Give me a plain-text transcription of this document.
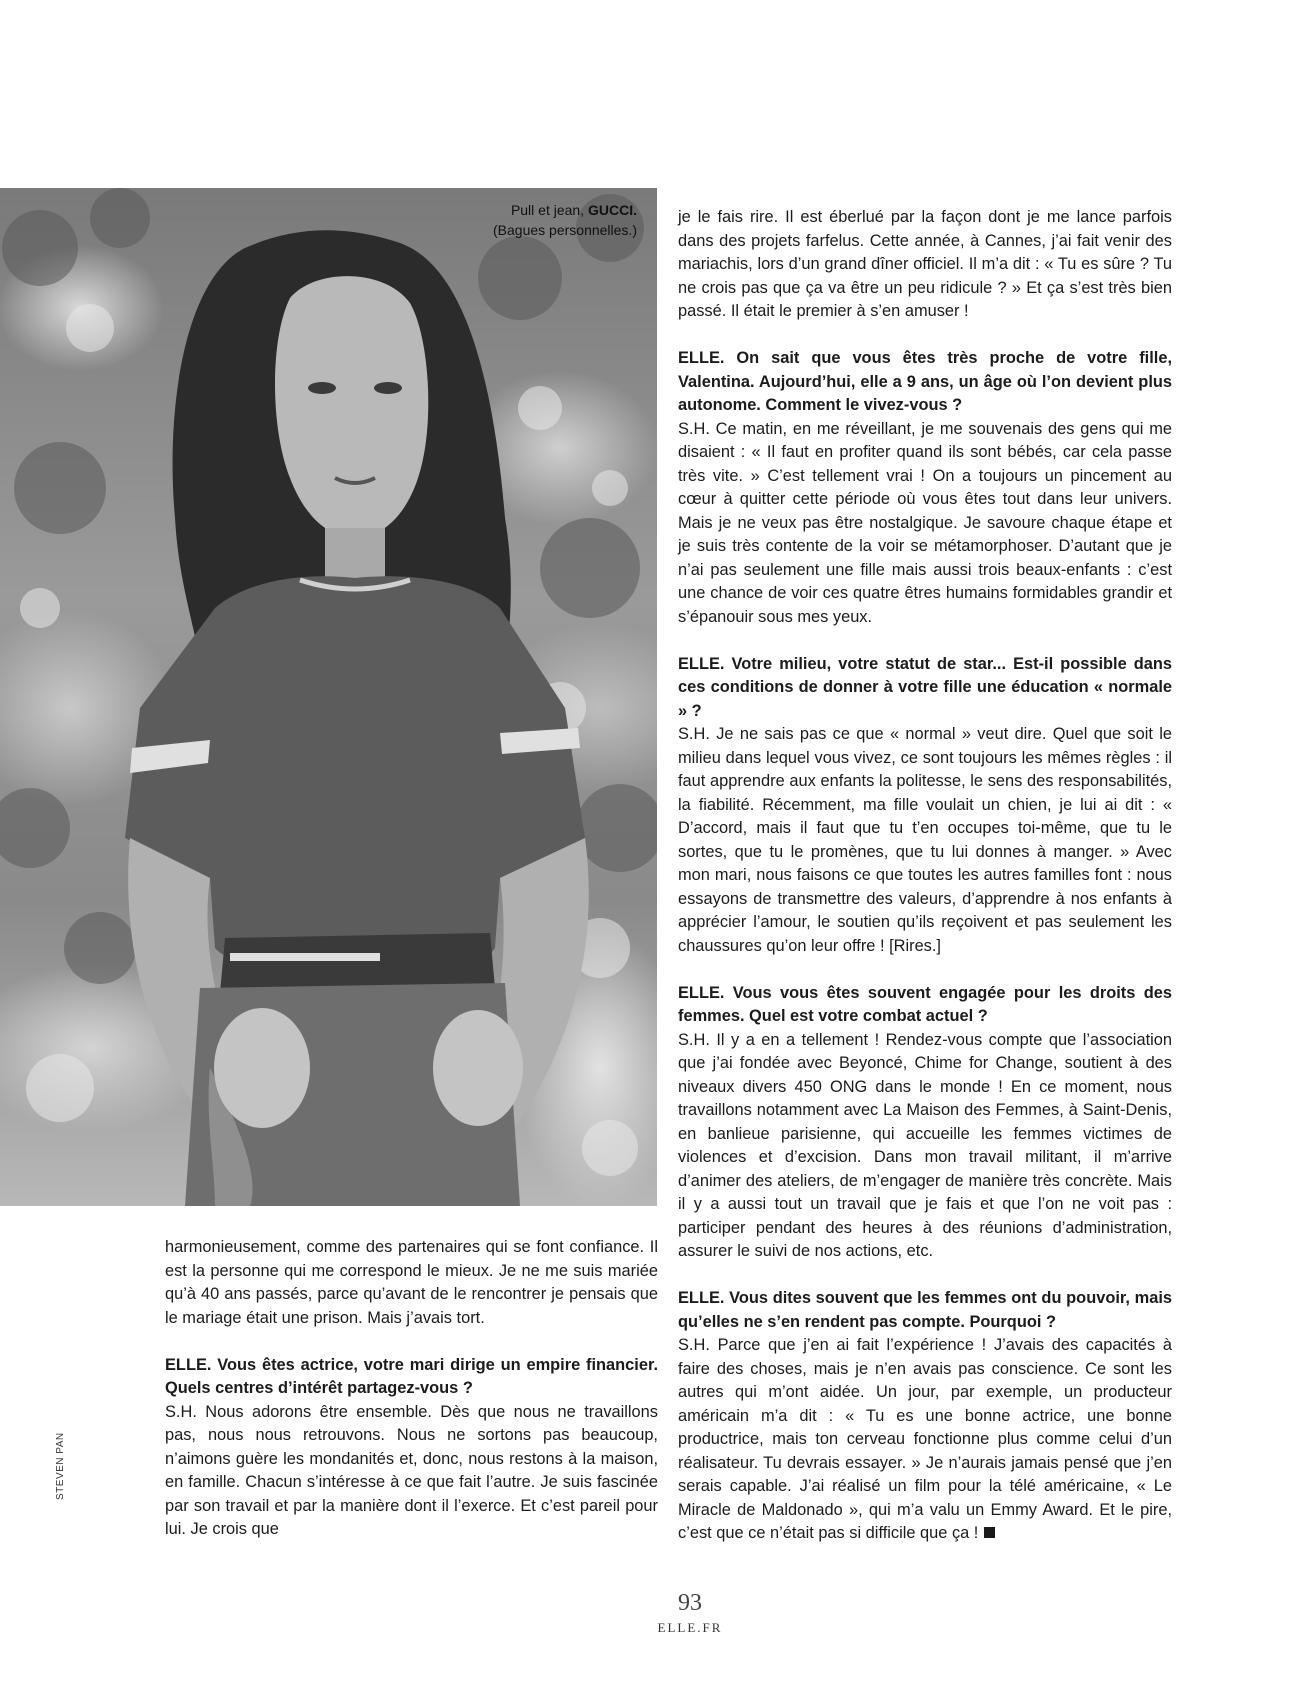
Pull et jean, GUCCI.
(Bagues personnelles.)
STEVEN PAN

je le fais rire. Il est éberlué par la façon dont je me lance parfois dans des projets farfelus. Cette année, à Cannes, j’ai fait venir des mariachis, lors d’un grand dîner officiel. Il m’a dit : « Tu es sûre ? Tu ne crois pas que ça va être un peu ridicule ? » Et ça s’est très bien passé. Il était le premier à s’en amuser !

ELLE. On sait que vous êtes très proche de votre fille, Valentina. Aujourd’hui, elle a 9 ans, un âge où l’on devient plus autonome. Comment le vivez-vous ?

S.H. Ce matin, en me réveillant, je me souvenais des gens qui me disaient : « Il faut en profiter quand ils sont bébés, car cela passe très vite. » C’est tellement vrai ! On a toujours un pincement au cœur à quitter cette période où vous êtes tout dans leur univers. Mais je ne veux pas être nostalgique. Je savoure chaque étape et je suis très contente de la voir se métamorphoser. D’autant que je n’ai pas seulement une fille mais aussi trois beaux-enfants : c’est une chance de voir ces quatre êtres humains formidables grandir et s’épanouir sous mes yeux.

ELLE. Votre milieu, votre statut de star... Est-il possible dans ces conditions de donner à votre fille une éducation « normale » ?

S.H. Je ne sais pas ce que « normal » veut dire. Quel que soit le milieu dans lequel vous vivez, ce sont toujours les mêmes règles : il faut apprendre aux enfants la politesse, le sens des responsabilités, la fiabilité. Récemment, ma fille voulait un chien, je lui ai dit : « D’accord, mais il faut que tu t’en occupes toi-même, que tu le sortes, que tu le promènes, que tu lui donnes à manger. » Avec mon mari, nous faisons ce que toutes les autres familles font : nous essayons de transmettre des valeurs, d’apprendre à nos enfants à apprécier l’amour, le soutien qu’ils reçoivent et pas seulement les chaussures qu’on leur offre ! [Rires.]

ELLE. Vous vous êtes souvent engagée pour les droits des femmes. Quel est votre combat actuel ?

S.H. Il y a en a tellement ! Rendez-vous compte que l’association que j’ai fondée avec Beyoncé, Chime for Change, soutient à des niveaux divers 450 ONG dans le monde ! En ce moment, nous travaillons notamment avec La Maison des Femmes, à Saint-Denis, en banlieue parisienne, qui accueille les femmes victimes de violences et d’excision. Dans mon travail militant, il m’arrive d’animer des ateliers, de m’engager de manière très concrète. Mais il y a aussi tout un travail que je fais et que l’on ne voit pas : participer pendant des heures à des réunions d’administration, assurer le suivi de nos actions, etc.

ELLE. Vous dites souvent que les femmes ont du pouvoir, mais qu’elles ne s’en rendent pas compte. Pourquoi ?

S.H. Parce que j’en ai fait l’expérience ! J’avais des capacités à faire des choses, mais je n’en avais pas conscience. Ce sont les autres qui m’ont aidée. Un jour, par exemple, un producteur américain m’a dit : « Tu es une bonne actrice, une bonne productrice, mais ton cerveau fonctionne plus comme celui d’un réalisateur. Tu devrais essayer. » Je n’aurais jamais pensé que j’en serais capable. J’ai réalisé un film pour la télé américaine, « Le Miracle de Maldonado », qui m’a valu un Emmy Award. Et le pire, c’est que ce n’était pas si difficile que ça !

harmonieusement, comme des partenaires qui se font confiance. Il est la personne qui me correspond le mieux. Je ne me suis mariée qu’à 40 ans passés, parce qu’avant de le rencontrer je pensais que le mariage était une prison. Mais j’avais tort.

ELLE. Vous êtes actrice, votre mari dirige un empire financier. Quels centres d’intérêt partagez-vous ?

S.H. Nous adorons être ensemble. Dès que nous ne travaillons pas, nous nous retrouvons. Nous ne sortons pas beaucoup, n’aimons guère les mondanités et, donc, nous restons à la maison, en famille. Chacun s’intéresse à ce que fait l’autre. Je suis fascinée par son travail et par la manière dont il l’exerce. Et c’est pareil pour lui. Je crois que

93
ELLE.FR
